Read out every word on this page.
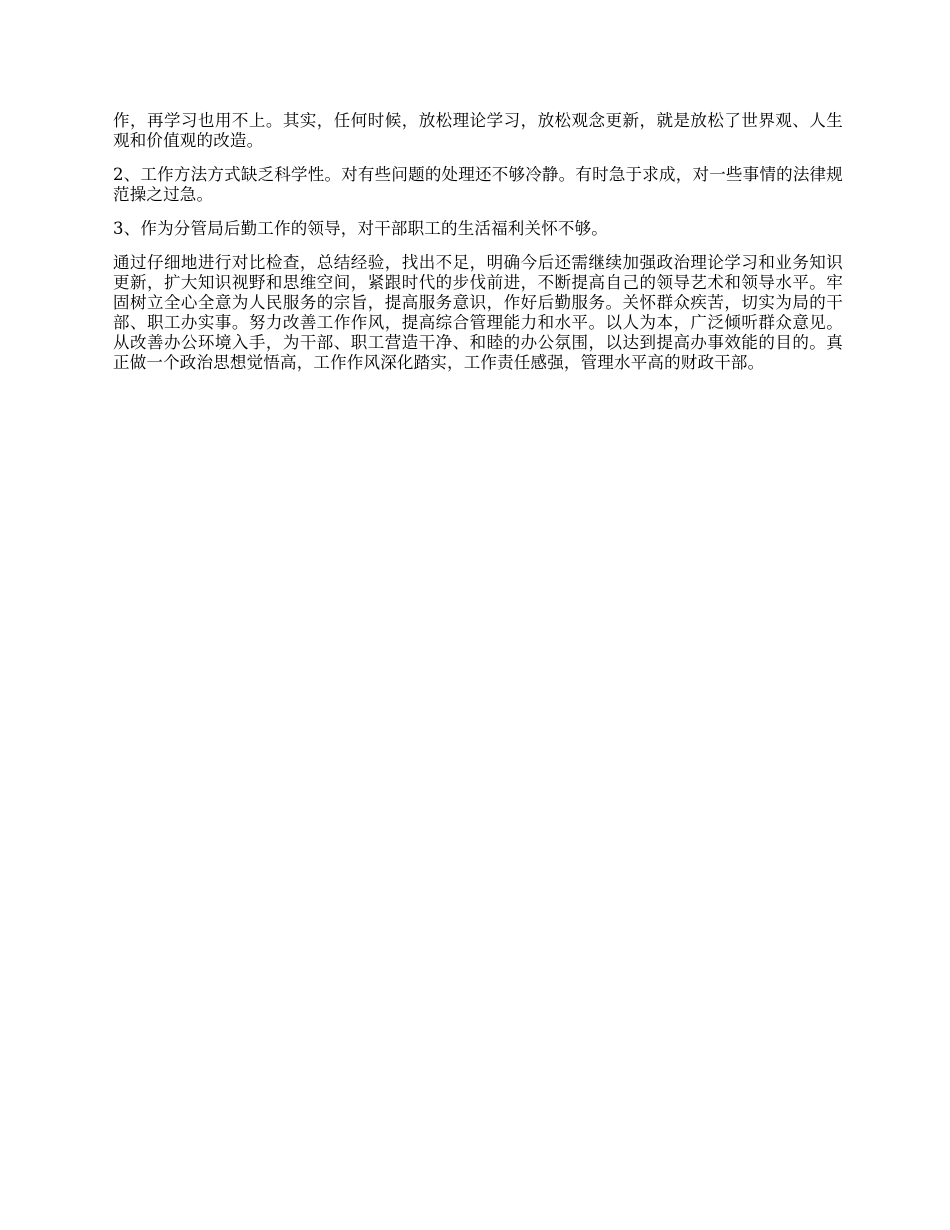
作，再学习也用不上。其实，任何时候，放松理论学习，放松观念更新，就是放松了世界观、人生观和价值观的改造。

2、工作方法方式缺乏科学性。对有些问题的处理还不够冷静。有时急于求成，对一些事情的法律规范操之过急。

3、作为分管局后勤工作的领导，对干部职工的生活福利关怀不够。

通过仔细地进行对比检查，总结经验，找出不足，明确今后还需继续加强政治理论学习和业务知识更新，扩大知识视野和思维空间，紧跟时代的步伐前进，不断提高自己的领导艺术和领导水平。牢固树立全心全意为人民服务的宗旨，提高服务意识，作好后勤服务。关怀群众疾苦，切实为局的干部、职工办实事。努力改善工作作风，提高综合管理能力和水平。以人为本，广泛倾听群众意见。从改善办公环境入手，为干部、职工营造干净、和睦的办公氛围，以达到提高办事效能的目的。真正做一个政治思想觉悟高，工作作风深化踏实，工作责任感强，管理水平高的财政干部。
